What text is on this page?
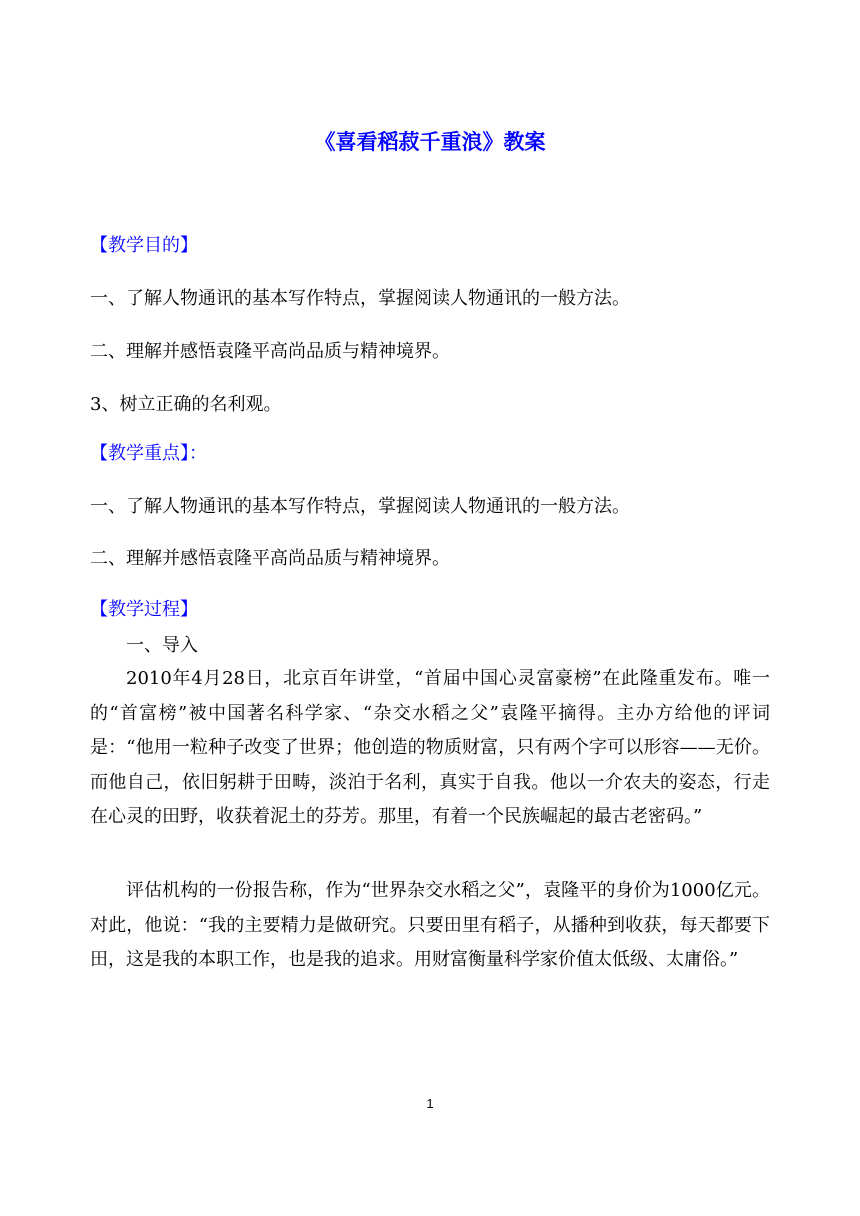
《喜看稻菽千重浪》教案
【教学目的】
一、了解人物通讯的基本写作特点，掌握阅读人物通讯的一般方法。
二、理解并感悟袁隆平高尚品质与精神境界。
3、树立正确的名利观。
【教学重点】：
一、了解人物通讯的基本写作特点，掌握阅读人物通讯的一般方法。
二、理解并感悟袁隆平高尚品质与精神境界。
【教学过程】
一、导入
2010年4月28日，北京百年讲堂，“首届中国心灵富豪榜”在此隆重发布。唯一的“首富榜”被中国著名科学家、“杂交水稻之父”袁隆平摘得。主办方给他的评词是：“他用一粒种子改变了世界；他创造的物质财富，只有两个字可以形容——无价。而他自己，依旧躬耕于田畴，淡泊于名利，真实于自我。他以一介农夫的姿态，行走在心灵的田野，收获着泥土的芬芳。那里，有着一个民族崛起的最古老密码。”
评估机构的一份报告称，作为“世界杂交水稻之父”，袁隆平的身价为1000亿元。对此，他说：“我的主要精力是做研究。只要田里有稻子，从播种到收获，每天都要下田，这是我的本职工作，也是我的追求。用财富衡量科学家价值太低级、太庸俗。”
1
